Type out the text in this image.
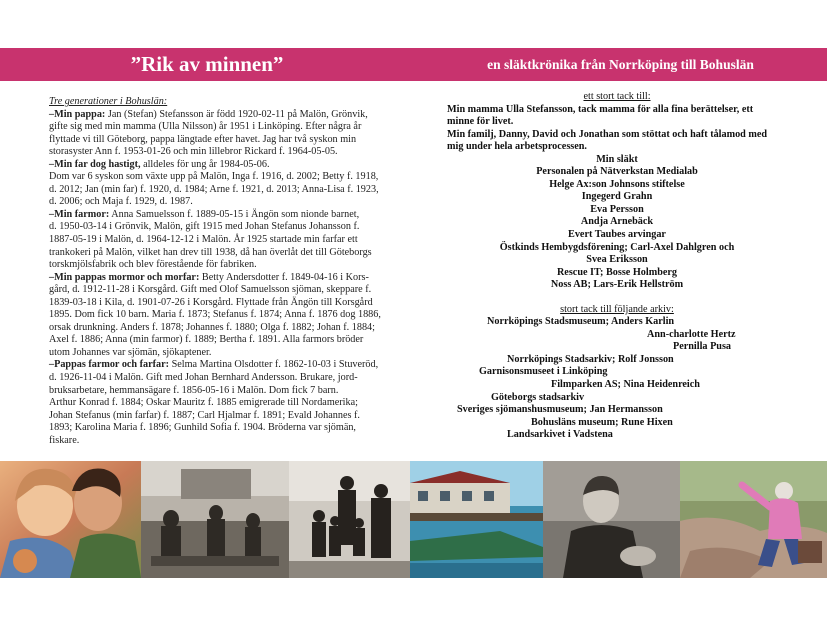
”Rik av minnen”	en släktkrönika från Norrköping till Bohuslän
Tre generationer i Bohuslän:
–Min pappa: Jan (Stefan) Stefansson är född 1920-02-11 på Malön, Grönvik,
gifte sig med min mamma (Ulla Nilsson) år 1951 i Linköping. Efter några år
flyttade vi till Göteborg, pappa längtade efter havet. Jag har två syskon min
storasyster Ann f. 1953-01-26 och min lillebror Rickard f. 1964-05-05.
–Min far dog hastigt, alldeles för ung år 1984-05-06.
Dom var 6 syskon som växte upp på Malön, Inga f. 1916, d. 2002; Betty f. 1918,
d. 2012; Jan (min far) f. 1920, d. 1984; Arne f. 1921, d. 2013; Anna-Lisa f. 1923,
d. 2006; och Maja f. 1929, d. 1987.
–Min farmor: Anna Samuelsson f. 1889-05-15 i Ängön som nionde barnet,
d. 1950-03-14 i Grönvik, Malön, gift 1915 med Johan Stefanus Johansson f.
1887-05-19 i Malön, d. 1964-12-12 i Malön. År 1925 startade min farfar ett
trankokeri på Malön, vilket han drev till 1938, då han överlåt det till Göteborgs
torskmjölsfabrik och blev förestående för fabriken.
–Min pappas mormor och morfar: Betty Andersdotter f. 1849-04-16 i Kors-
gård, d. 1912-11-28 i Korsgård. Gift med Olof Samuelsson sjöman, skeppare f.
1839-03-18 i Kila, d. 1901-07-26 i Korsgård. Flyttade från Ängön till Korsgård
1895. Dom fick 10 barn. Maria f. 1873; Stefanus f. 1874; Anna f. 1876 dog 1886,
orsak drunkning. Anders f. 1878; Johannes f. 1880; Olga f. 1882; Johan f. 1884;
Axel f. 1886; Anna (min farmor) f. 1889; Bertha f. 1891. Alla farmors bröder
utom Johannes var sjömän, sjökaptener.
–Pappas farmor och farfar: Selma Martina Olsdotter f. 1862-10-03 i Stuveröd,
d. 1926-11-04 i Malön. Gift med Johan Bernhard Andersson. Brukare, jord-
bruksarbetare, hemmansägare f. 1856-05-16 i Malön. Dom fick 7 barn.
Arthur Konrad f. 1884; Oskar Mauritz f. 1885 emigrerade till Nordamerika;
Johan Stefanus (min farfar) f. 1887; Carl Hjalmar f. 1891; Evald Johannes f.
1893; Karolina Maria f. 1896; Gunhild Sofia f. 1904. Bröderna var sjömän,
fiskare.
ett stort tack till:
Min mamma Ulla Stefansson, tack mamma för alla fina berättelser, ett
minne för livet.
Min familj, Danny, David och Jonathan som stöttat och haft tålamod med
mig under hela arbetsprocessen.
Min släkt
Personalen på Nätverkstan Medialab
Helge Ax:son Johnsons stiftelse
Ingegerd Grahn
Eva Persson
Andja Arnebäck
Evert Taubes arvingar
Östkinds Hembygdsförening; Carl-Axel Dahlgren och
Svea Eriksson
Rescue IT; Bosse Holmberg
Noss AB; Lars-Erik Hellström
stort tack till följande arkiv:
Norrköpings Stadsmuseum; Anders Karlin
Ann-charlotte Hertz
Pernilla Pusa
Norrköpings Stadsarkiv; Rolf Jonsson
Garnisonsmuseet i Linköping
Filmparken AS; Nina Heidenreich
Göteborgs stadsarkiv
Sveriges sjömanshusmuseum; Jan Hermansson
Bohusläns museum; Rune Hixen
Landsarkivet i Vadstena
